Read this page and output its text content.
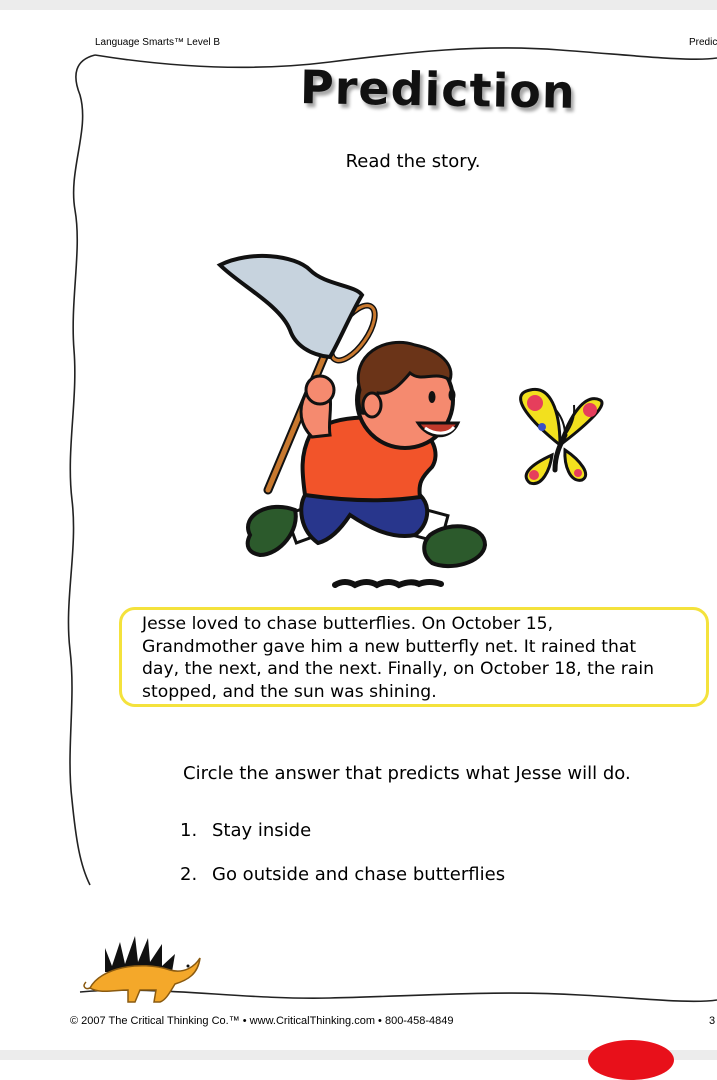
Language Smarts™ Level B	Predic
Prediction
Read the story.
Jesse loved to chase butterflies. On October 15,
Grandmother gave him a new butterfly net. It rained that
day, the next, and the next. Finally, on October 18, the rain
stopped, and the sun was shining.
Circle the answer that predicts what Jesse will do.
1. Stay inside
2. Go outside and chase butterflies
© 2007 The Critical Thinking Co.™ • www.CriticalThinking.com • 800-458-4849	3
